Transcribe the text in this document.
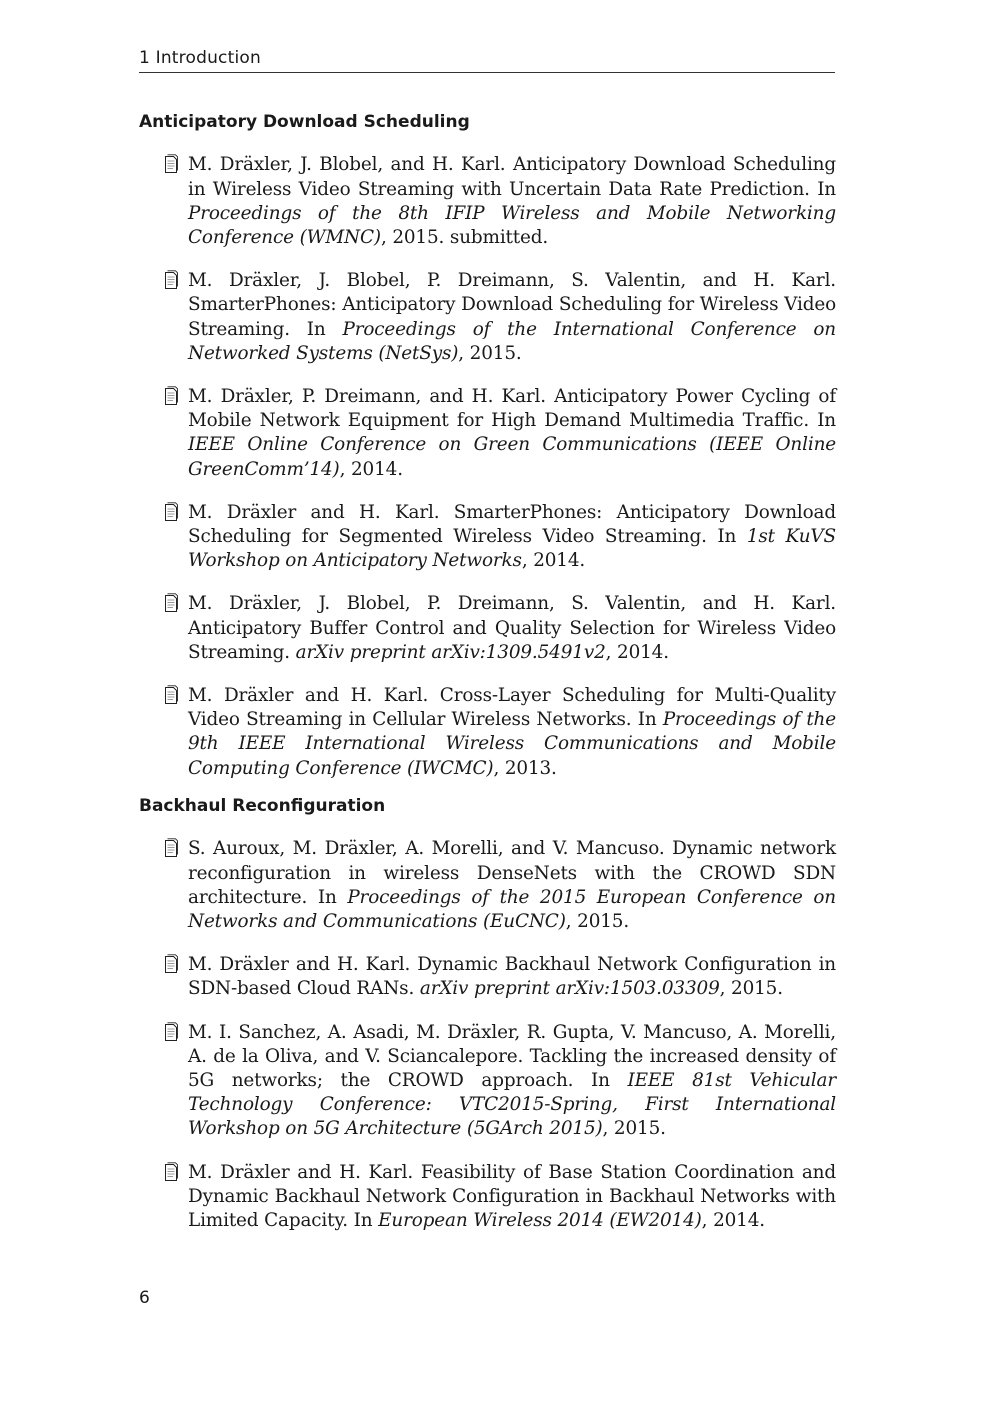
1 Introduction
Anticipatory Download Scheduling

M. Dräxler, J. Blobel, and H. Karl. Anticipatory Download Scheduling in Wireless Video Streaming with Uncertain Data Rate Prediction. In Proceedings of the 8th IFIP Wireless and Mobile Networking Conference (WMNC), 2015. submitted.

M. Dräxler, J. Blobel, P. Dreimann, S. Valentin, and H. Karl. SmarterPhones: Anticipatory Download Scheduling for Wireless Video Streaming. In Proceedings of the International Conference on Networked Systems (NetSys), 2015.

M. Dräxler, P. Dreimann, and H. Karl. Anticipatory Power Cycling of Mobile Network Equipment for High Demand Multimedia Traffic. In IEEE Online Conference on Green Communications (IEEE Online GreenComm’14), 2014.

M. Dräxler and H. Karl. SmarterPhones: Anticipatory Download Scheduling for Segmented Wireless Video Streaming. In 1st KuVS Workshop on Anticipatory Networks, 2014.

M. Dräxler, J. Blobel, P. Dreimann, S. Valentin, and H. Karl. Anticipatory Buffer Control and Quality Selection for Wireless Video Streaming. arXiv preprint arXiv:1309.5491v2, 2014.

M. Dräxler and H. Karl. Cross-Layer Scheduling for Multi-Quality Video Streaming in Cellular Wireless Networks. In Proceedings of the 9th IEEE International Wireless Communications and Mobile Computing Conference (IWCMC), 2013.

Backhaul Reconfiguration

S. Auroux, M. Dräxler, A. Morelli, and V. Mancuso. Dynamic network reconfiguration in wireless DenseNets with the CROWD SDN architecture. In Proceedings of the 2015 European Conference on Networks and Communications (EuCNC), 2015.

M. Dräxler and H. Karl. Dynamic Backhaul Network Configuration in SDN-based Cloud RANs. arXiv preprint arXiv:1503.03309, 2015.

M. I. Sanchez, A. Asadi, M. Dräxler, R. Gupta, V. Mancuso, A. Morelli, A. de la Oliva, and V. Sciancalepore. Tackling the increased density of 5G networks; the CROWD approach. In IEEE 81st Vehicular Technology Conference: VTC2015-Spring, First International Workshop on 5G Architecture (5GArch 2015), 2015.

M. Dräxler and H. Karl. Feasibility of Base Station Coordination and Dynamic Backhaul Network Configuration in Backhaul Networks with Limited Capacity. In European Wireless 2014 (EW2014), 2014.

6
